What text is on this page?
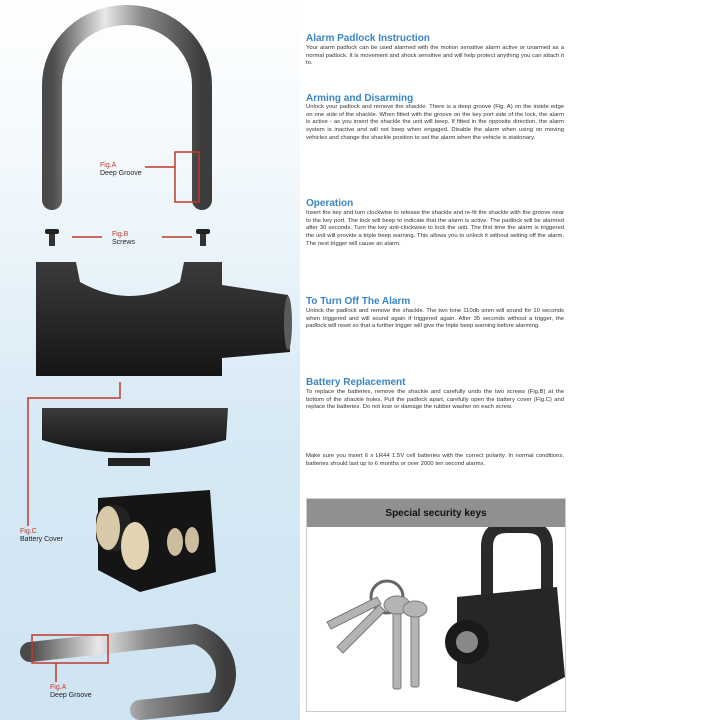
Fig.A
Deep Groove
Fig.B
Screws
Fig.C
Battery Cover
Fig.A
Deep Groove
Alarm Padlock Instruction

Your alarm padlock can be used alarmed with the motion sensitive alarm active or unarmed as a normal padlock. It is movement and shock sensitive and will help protect anything you can attach it to.

Arming and Disarming

Unlock your padlock and remove the shackle. There is a deep groove (Fig. A) on the inside edge on one side of the shackle. When fitted with the groove on the key port side of the lock, the alarm is active - as you insert the shackle the unit will beep. If fitted in the opposite direction, the alarm system is inactive and will not beep when engaged. Disable the alarm when using on moving vehicles and change the shackle position to set the alarm when the vehicle is stationary.

Operation

Insert the key and turn clockwise to release the shackle and re-fit the shackle with the groove near to the key port. The lock will beep to indicate that the alarm is active. The padlock will be alarmed after 30 seconds. Turn the key anti-clockwise to lock the unit. The first time the alarm is triggered the unit will provide a triple beep warning. This allows you to unlock it without setting off the alarm. The next trigger will cause an alarm.

To Turn Off The Alarm

Unlock the padlock and remove the shackle. The two tone 110db siren will sound for 10 seconds when triggered and will sound again if triggered again. After 35 seconds without a trigger, the padlock will reset so that a further trigger will give the triple beep warning before alarming.

Battery Replacement

To replace the batteries, remove the shackle and carefully undo the two screws (Fig.B) at the bottom of the shackle holes. Pull the padlock apart, carefully open the battery cover (Fig.C) and replace the batteries. Do not lose or damage the rubber washer on each screw.

Make sure you insert 6 x LR44 1.5V cell batteries with the correct polarity. In normal conditions, batteries should last up to 6 months or over 2000 ten second alarms.

Special security keys
